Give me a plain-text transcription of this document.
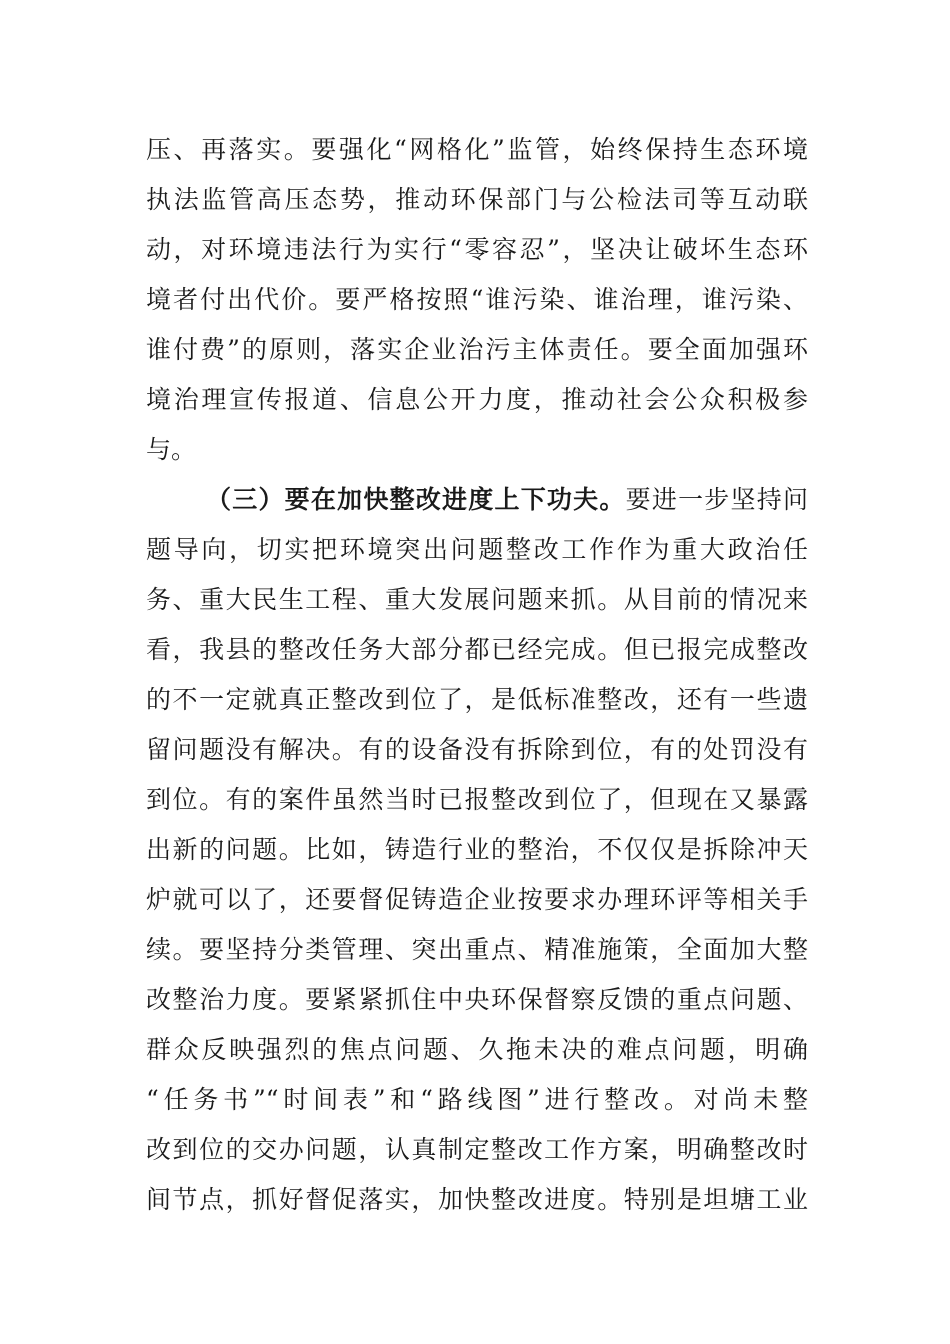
压、再落实。要强化“网格化”监管，始终保持生态环境
执法监管高压态势，推动环保部门与公检法司等互动联
动，对环境违法行为实行“零容忍”，坚决让破坏生态环
境者付出代价。要严格按照“谁污染、谁治理，谁污染、
谁付费”的原则，落实企业治污主体责任。要全面加强环
境治理宣传报道、信息公开力度，推动社会公众积极参
与。
（三）要在加快整改进度上下功夫。要进一步坚持问
题导向，切实把环境突出问题整改工作作为重大政治任
务、重大民生工程、重大发展问题来抓。从目前的情况来
看，我县的整改任务大部分都已经完成。但已报完成整改
的不一定就真正整改到位了，是低标准整改，还有一些遗
留问题没有解决。有的设备没有拆除到位，有的处罚没有
到位。有的案件虽然当时已报整改到位了，但现在又暴露
出新的问题。比如，铸造行业的整治，不仅仅是拆除冲天
炉就可以了，还要督促铸造企业按要求办理环评等相关手
续。要坚持分类管理、突出重点、精准施策，全面加大整
改整治力度。要紧紧抓住中央环保督察反馈的重点问题、
群众反映强烈的焦点问题、久拖未决的难点问题，明确
“任务书”“时间表”和“路线图”进行整改。对尚未整
改到位的交办问题，认真制定整改工作方案，明确整改时
间节点，抓好督促落实，加快整改进度。特别是坦塘工业
